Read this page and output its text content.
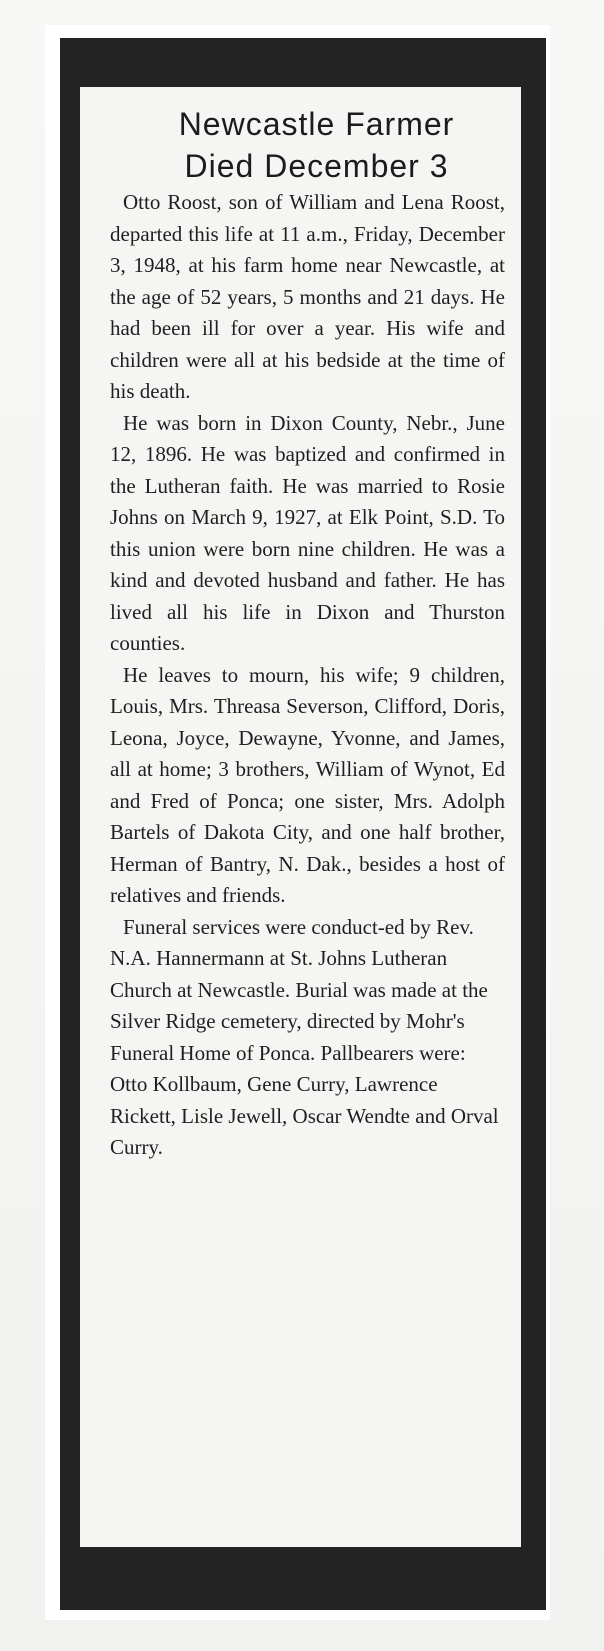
Newcastle Farmer
Died December 3

Otto Roost, son of William and Lena Roost, departed this life at 11 a.m., Friday, December 3, 1948, at his farm home near Newcastle, at the age of 52 years, 5 months and 21 days. He had been ill for over a year. His wife and children were all at his bedside at the time of his death.

He was born in Dixon County, Nebr., June 12, 1896. He was baptized and confirmed in the Lutheran faith. He was married to Rosie Johns on March 9, 1927, at Elk Point, S.D. To this union were born nine children. He was a kind and devoted husband and father. He has lived all his life in Dixon and Thurston counties.

He leaves to mourn, his wife; 9 children, Louis, Mrs. Threasa Severson, Clifford, Doris, Leona, Joyce, Dewayne, Yvonne, and James, all at home; 3 brothers, William of Wynot, Ed and Fred of Ponca; one sister, Mrs. Adolph Bartels of Dakota City, and one half brother, Herman of Bantry, N. Dak., besides a host of relatives and friends.

Funeral services were conduct-ed by Rev. N.A. Hannermann at St. Johns Lutheran Church at Newcastle. Burial was made at the Silver Ridge cemetery, directed by Mohr's Funeral Home of Ponca. Pallbearers were: Otto Kollbaum, Gene Curry, Lawrence Rickett, Lisle Jewell, Oscar Wendte and Orval Curry.
